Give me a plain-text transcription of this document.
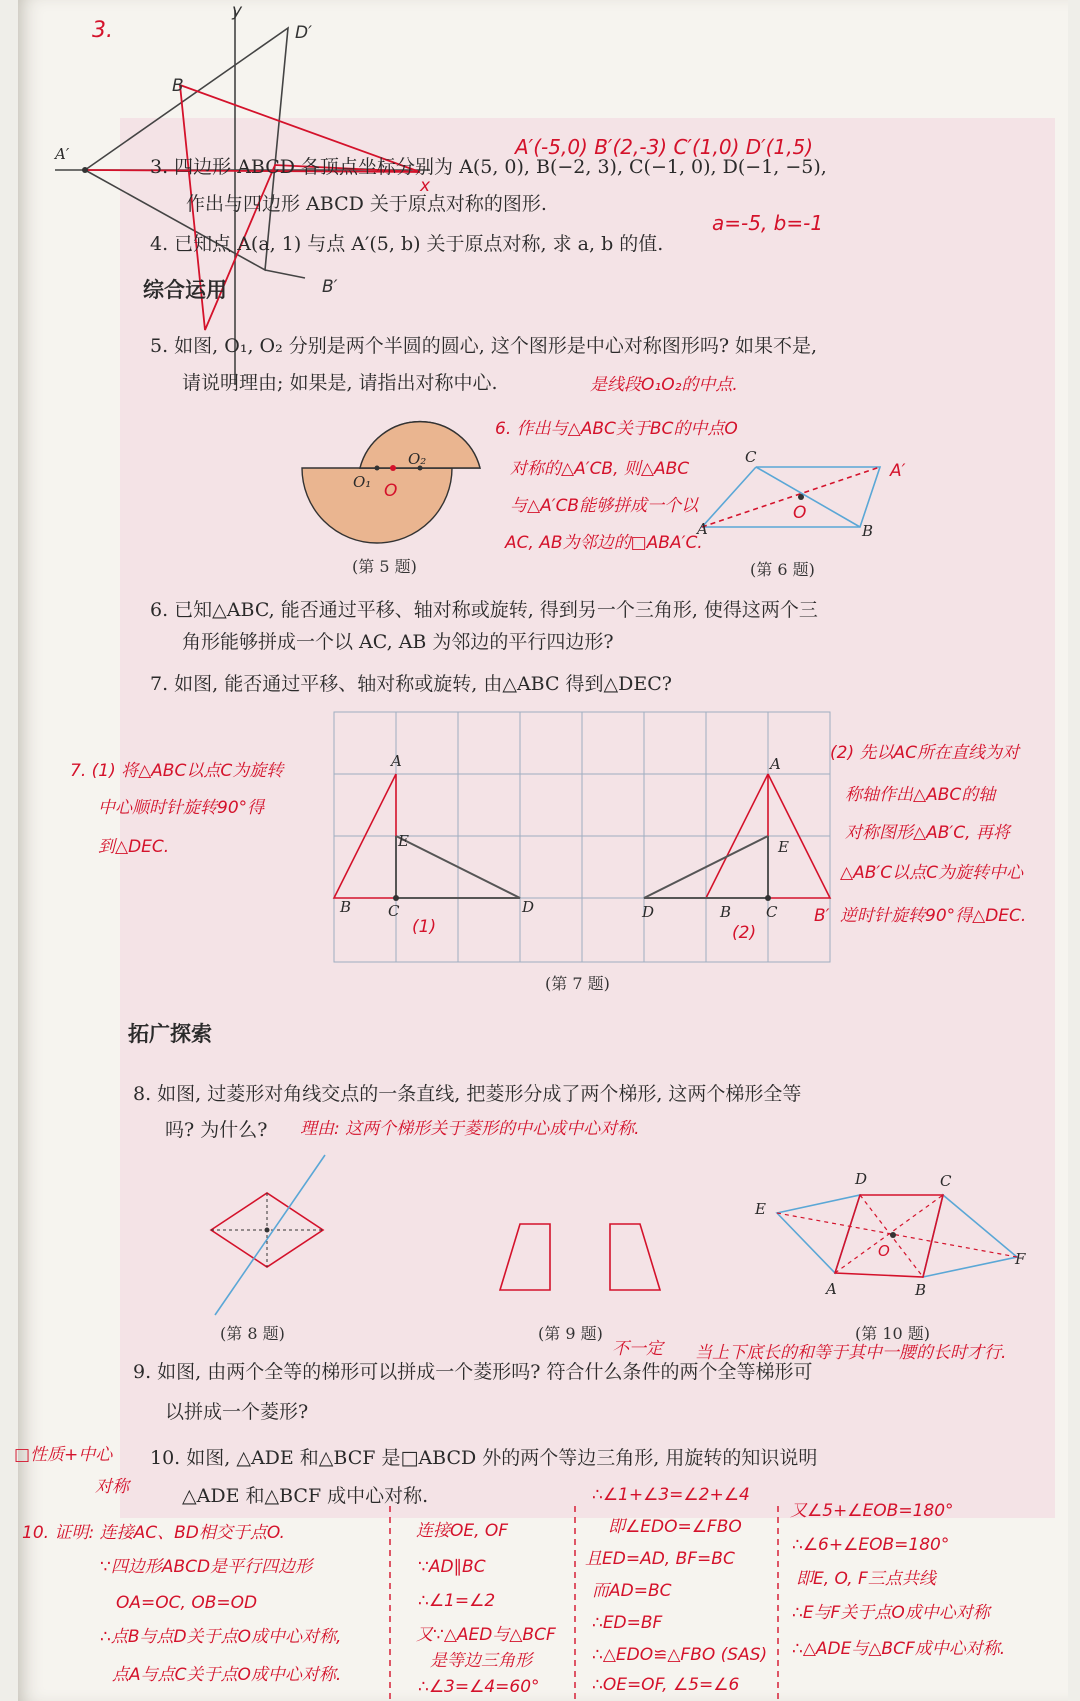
3.
y
A′
B
D′
B′
x
3. 四边形 ABCD 各顶点坐标分别为 A(5, 0), B(−2, 3), C(−1, 0), D(−1, −5),
作出与四边形 ABCD 关于原点对称的图形.
4. 已知点 A(a, 1) 与点 A′(5, b) 关于原点对称, 求 a, b 的值.
A′(-5,0) B′(2,-3) C′(1,0) D′(1,5)
a=-5, b=-1
综合运用
5. 如图, O₁, O₂ 分别是两个半圆的圆心, 这个图形是中心对称图形吗? 如果不是,
请说明理由; 如果是, 请指出对称中心.	是线段O₁O₂的中点.
O₁
O₂
O
(第 5 题)
6. 作出与△ABC关于BC的中点O
对称的△A′CB, 则△ABC
与△A′CB能够拼成一个以
AC, AB为邻边的□ABA′C.
C
A′
A	B
O
(第 6 题)
6. 已知△ABC, 能否通过平移、轴对称或旋转, 得到另一个三角形, 使得这两个三
角形能够拼成一个以 AC, AB 为邻边的平行四边形?
7. 如图, 能否通过平移、轴对称或旋转, 由△ABC 得到△DEC?
A
E
B C	D
(1)
A
E
D	B C B′
(2)
(第 7 题)
7. (1) 将△ABC以点C为旋转
中心顺时针旋转90°得
到△DEC.
(2) 先以AC所在直线为对
称轴作出△ABC的轴
对称图形△AB′C, 再将
△AB′C以点C为旋转中心
逆时针旋转90°得△DEC.
拓广探索
8. 如图, 过菱形对角线交点的一条直线, 把菱形分成了两个梯形, 这两个梯形全等
吗? 为什么? 理由: 这两个梯形关于菱形的中心成中心对称.
(第 8 题)	(第 9 题)
D	C
E
F
A	B
O
(第 10 题)
9. 如图, 由两个全等的梯形可以拼成一个菱形吗? 符合什么条件的两个全等梯形可
以拼成一个菱形?
不一定 当上下底长的和等于其中一腰的长时才行.
10. 如图, △ADE 和△BCF 是□ABCD 外的两个等边三角形, 用旋转的知识说明
△ADE 和△BCF 成中心对称.
□性质+中心
对称
10. 证明: 连接AC、BD相交于点O.
∵四边形ABCD是平行四边形
OA=OC, OB=OD
∴点B与点D关于点O成中心对称,
点A与点C关于点O成中心对称.
连接OE, OF
∵AD∥BC
∴∠1=∠2
又∵△AED与△BCF
是等边三角形
∴∠3=∠4=60°
∴∠1+∠3=∠2+∠4
即∠EDO=∠FBO
且ED=AD, BF=BC
而AD=BC
∴ED=BF
∴△EDO≌△FBO (SAS)
∴OE=OF, ∠5=∠6
又∠5+∠EOB=180°
∴∠6+∠EOB=180°
即E, O, F三点共线
∴E与F关于点O成中心对称
∴△ADE与△BCF成中心对称.
